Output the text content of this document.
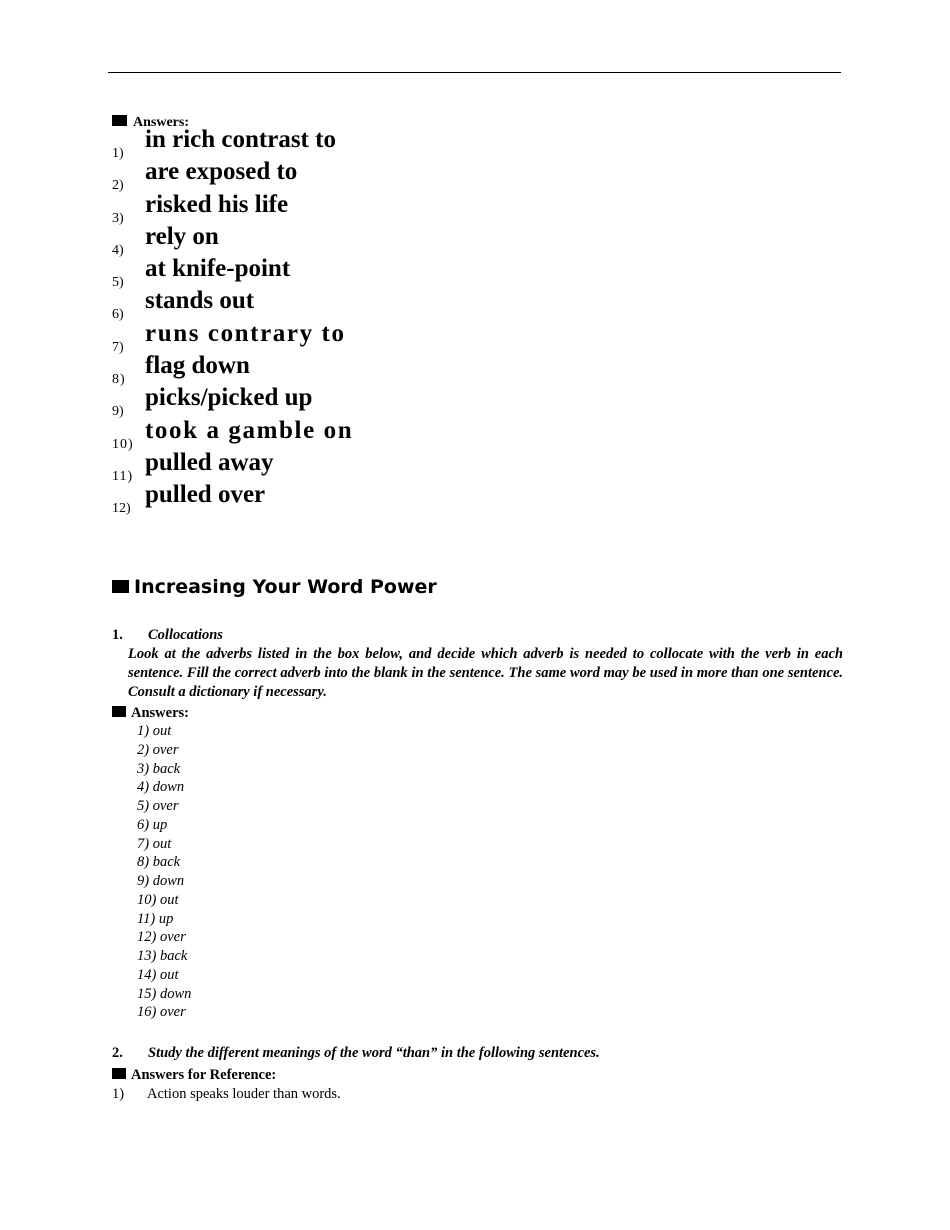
Answers:
1)
in rich contrast to
2)
are exposed to
3)
risked his life
4)
rely on
5)
at knife-point
6)
stands out
7)
runs contrary to
8)
flag down
9)
picks/picked up
10)
took a gamble on
11)
pulled away
12)
pulled over
Increasing Your Word Power
1. Collocations
Look at the adverbs listed in the box below, and decide which adverb is needed to collocate with the verb in each sentence. Fill the correct adverb into the blank in the sentence. The same word may be used in more than one sentence. Consult a dictionary if necessary.
Answers:
1) out
2) over
3) back
4) down
5) over
6) up
7) out
8) back
9) down
10) out
11) up
12) over
13) back
14) out
15) down
16) over
2. Study the different meanings of the word “than” in the following sentences.
Answers for Reference:
1) Action speaks louder than words.
